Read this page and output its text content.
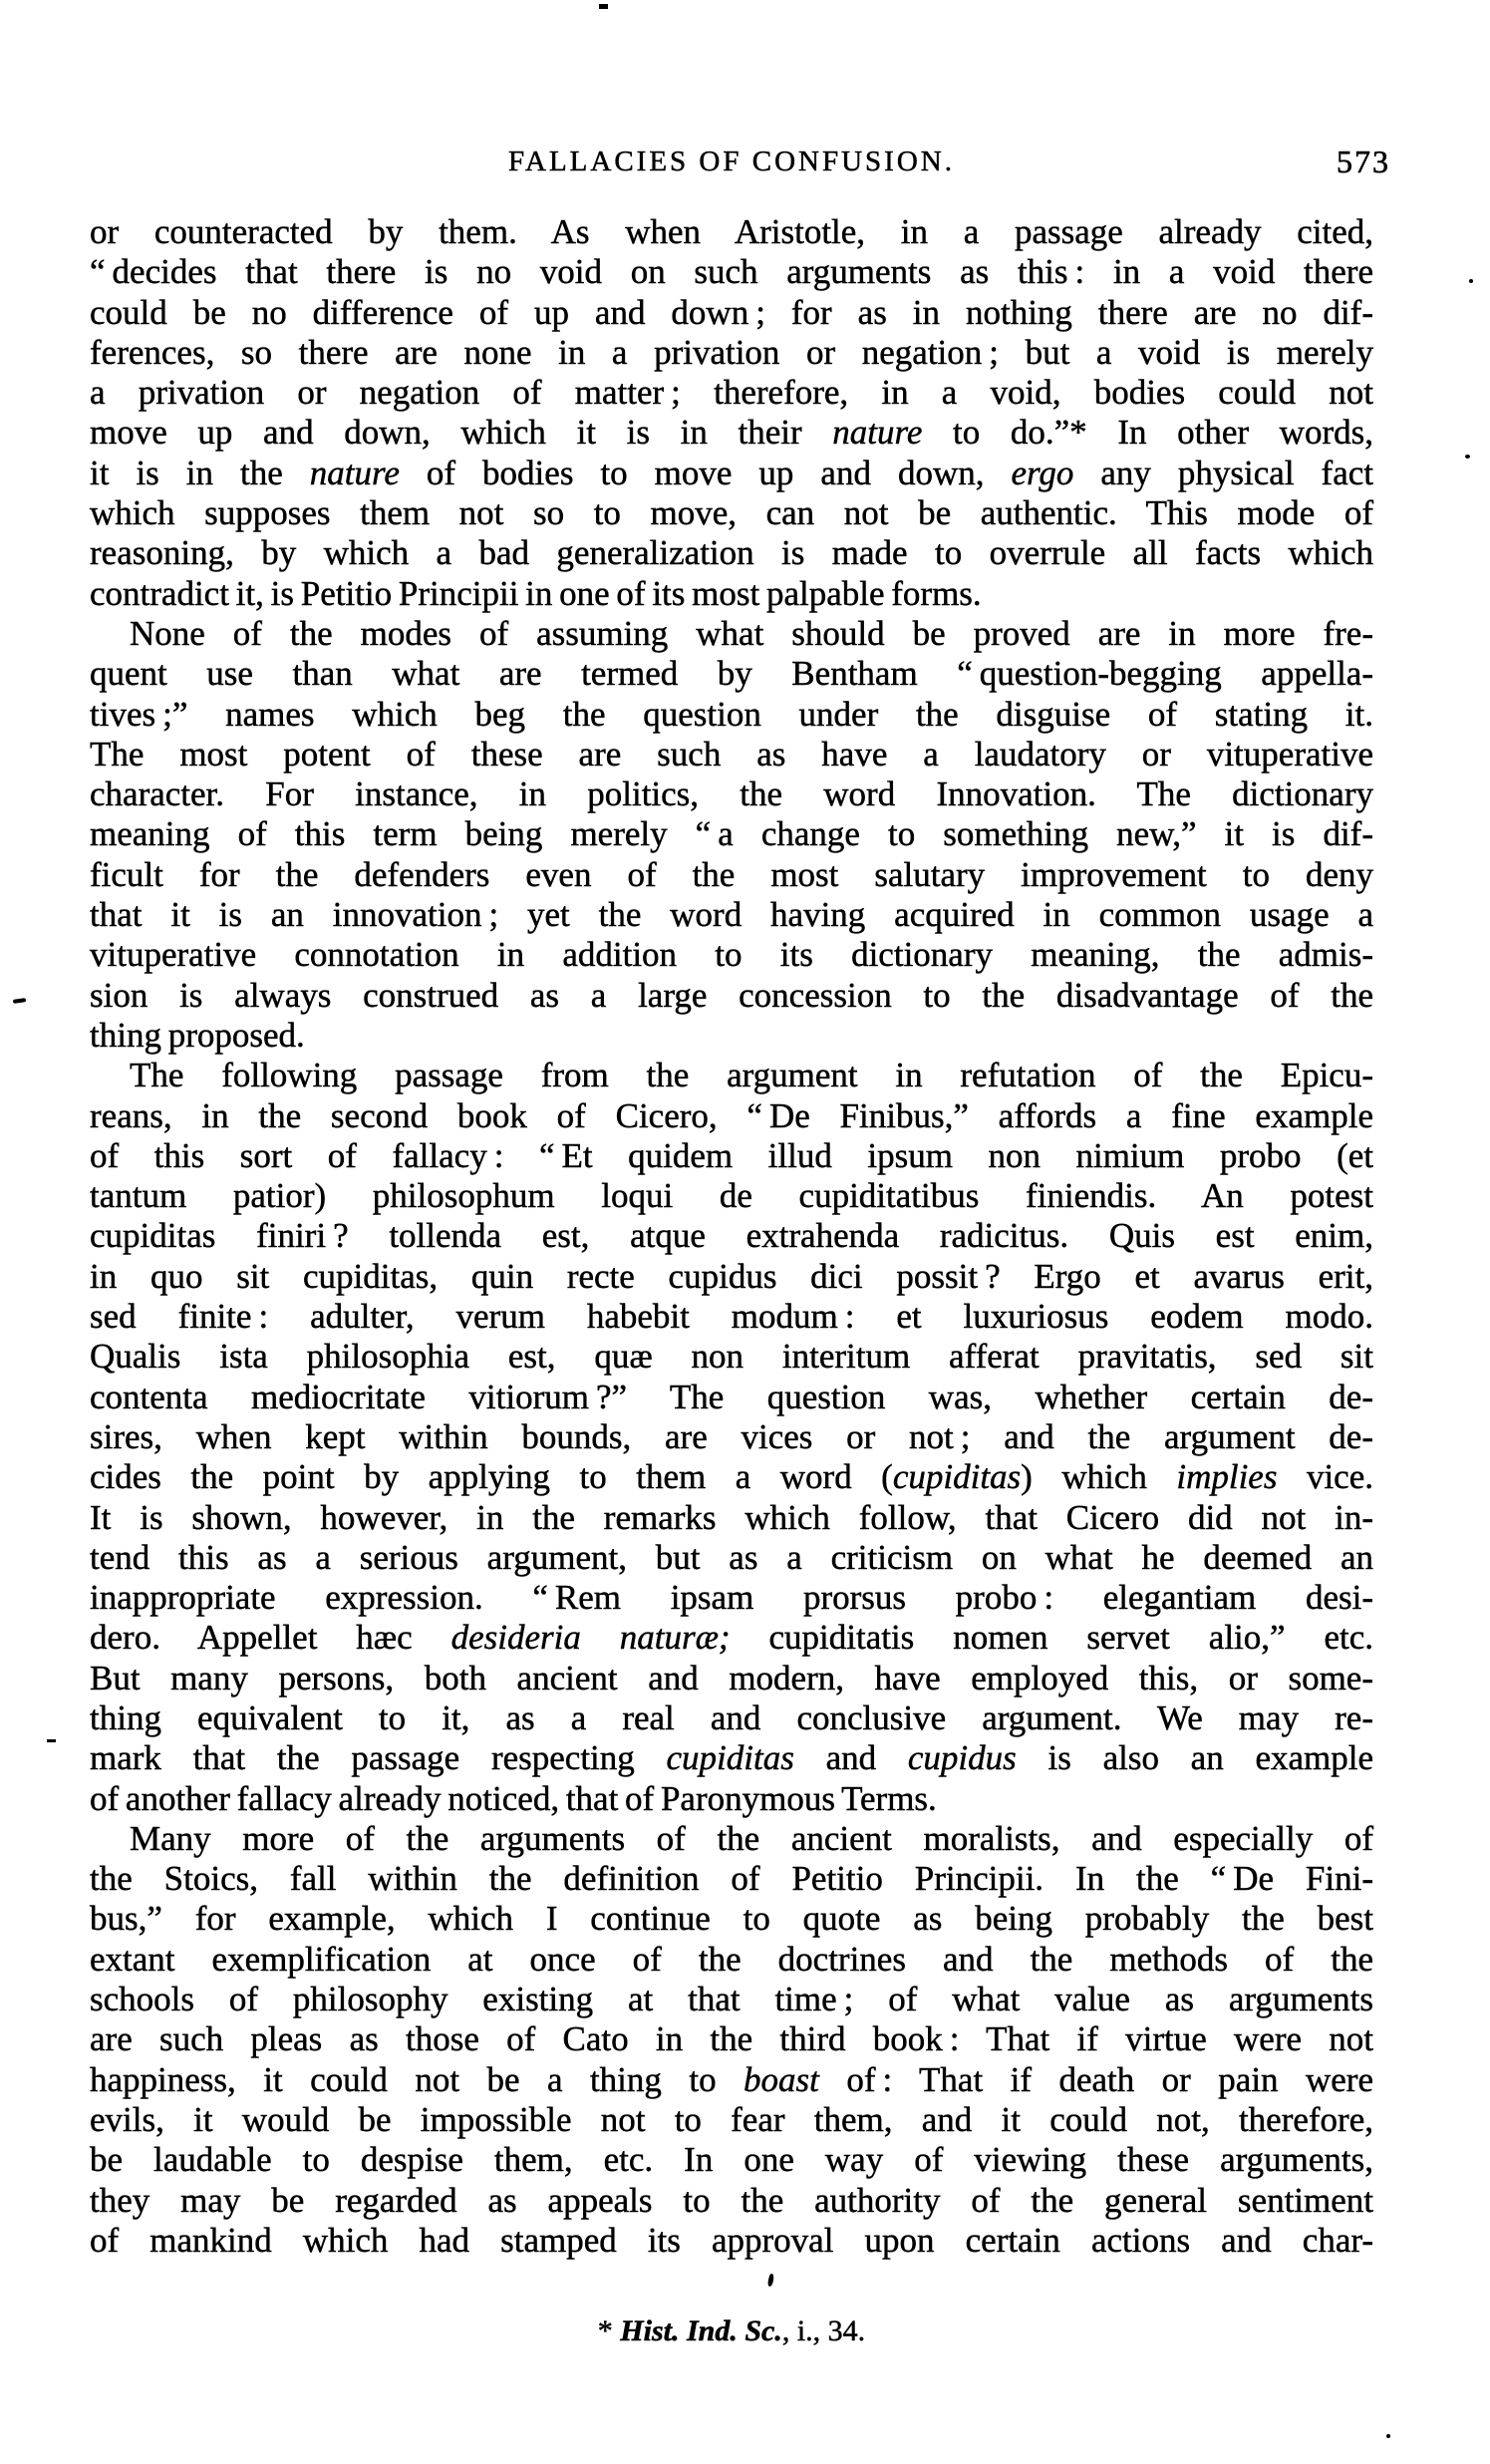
FALLACIES OF CONFUSION.	573
or counteracted by them. As when Aristotle, in a passage already cited,
“ decides that there is no void on such arguments as this : in a void there
could be no difference of up and down ; for as in nothing there are no dif-
ferences, so there are none in a privation or negation ; but a void is merely
a privation or negation of matter ; therefore, in a void, bodies could not
move up and down, which it is in their nature to do.”* In other words,
it is in the nature of bodies to move up and down, ergo any physical fact
which supposes them not so to move, can not be authentic. This mode of
reasoning, by which a bad generalization is made to overrule all facts which
contradict it, is Petitio Principii in one of its most palpable forms.
None of the modes of assuming what should be proved are in more fre-
quent use than what are termed by Bentham “ question-begging appella-
tives ;” names which beg the question under the disguise of stating it.
The most potent of these are such as have a laudatory or vituperative
character. For instance, in politics, the word Innovation. The dictionary
meaning of this term being merely “ a change to something new,” it is dif-
ficult for the defenders even of the most salutary improvement to deny
that it is an innovation ; yet the word having acquired in common usage a
vituperative connotation in addition to its dictionary meaning, the admis-
sion is always construed as a large concession to the disadvantage of the
thing proposed.
The following passage from the argument in refutation of the Epicu-
reans, in the second book of Cicero, “ De Finibus,” affords a fine example
of this sort of fallacy : “ Et quidem illud ipsum non nimium probo (et
tantum patior) philosophum loqui de cupiditatibus finiendis. An potest
cupiditas finiri ? tollenda est, atque extrahenda radicitus. Quis est enim,
in quo sit cupiditas, quin recte cupidus dici possit ? Ergo et avarus erit,
sed finite : adulter, verum habebit modum : et luxuriosus eodem modo.
Qualis ista philosophia est, quæ non interitum afferat pravitatis, sed sit
contenta mediocritate vitiorum ?” The question was, whether certain de-
sires, when kept within bounds, are vices or not ; and the argument de-
cides the point by applying to them a word (cupiditas) which implies vice.
It is shown, however, in the remarks which follow, that Cicero did not in-
tend this as a serious argument, but as a criticism on what he deemed an
inappropriate expression. “ Rem ipsam prorsus probo : elegantiam desi-
dero. Appellet hæc desideria naturæ; cupiditatis nomen servet alio,” etc.
But many persons, both ancient and modern, have employed this, or some-
thing equivalent to it, as a real and conclusive argument. We may re-
mark that the passage respecting cupiditas and cupidus is also an example
of another fallacy already noticed, that of Paronymous Terms.
Many more of the arguments of the ancient moralists, and especially of
the Stoics, fall within the definition of Petitio Principii. In the “ De Fini-
bus,” for example, which I continue to quote as being probably the best
extant exemplification at once of the doctrines and the methods of the
schools of philosophy existing at that time ; of what value as arguments
are such pleas as those of Cato in the third book : That if virtue were not
happiness, it could not be a thing to boast of : That if death or pain were
evils, it would be impossible not to fear them, and it could not, therefore,
be laudable to despise them, etc. In one way of viewing these arguments,
they may be regarded as appeals to the authority of the general sentiment
of mankind which had stamped its approval upon certain actions and char-
* Hist. Ind. Sc., i., 34.
